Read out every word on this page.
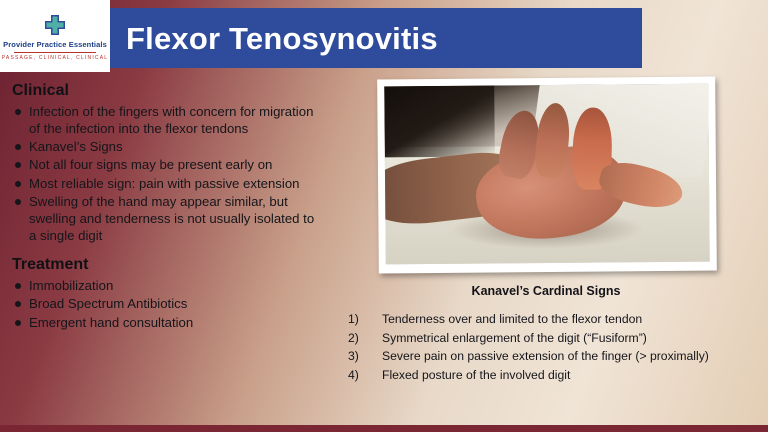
Provider Practice Essentials
PASSAGE, CLINICAL, CLINICAL
Flexor Tenosynovitis
Clinical
Infection of the fingers with concern for migration of the infection into the flexor tendons
Kanavel’s Signs
Not all four signs may be present early on
Most reliable sign: pain with passive extension
Swelling of the hand may appear similar, but swelling and tenderness is not usually isolated to a single digit
Treatment
Immobilization
Broad Spectrum Antibiotics
Emergent hand consultation
Kanavel’s Cardinal Signs
Tenderness over and limited to the flexor tendon
Symmetrical enlargement of the digit (“Fusiform”)
Severe pain on passive extension of the finger (> proximally)
Flexed posture of the involved digit
